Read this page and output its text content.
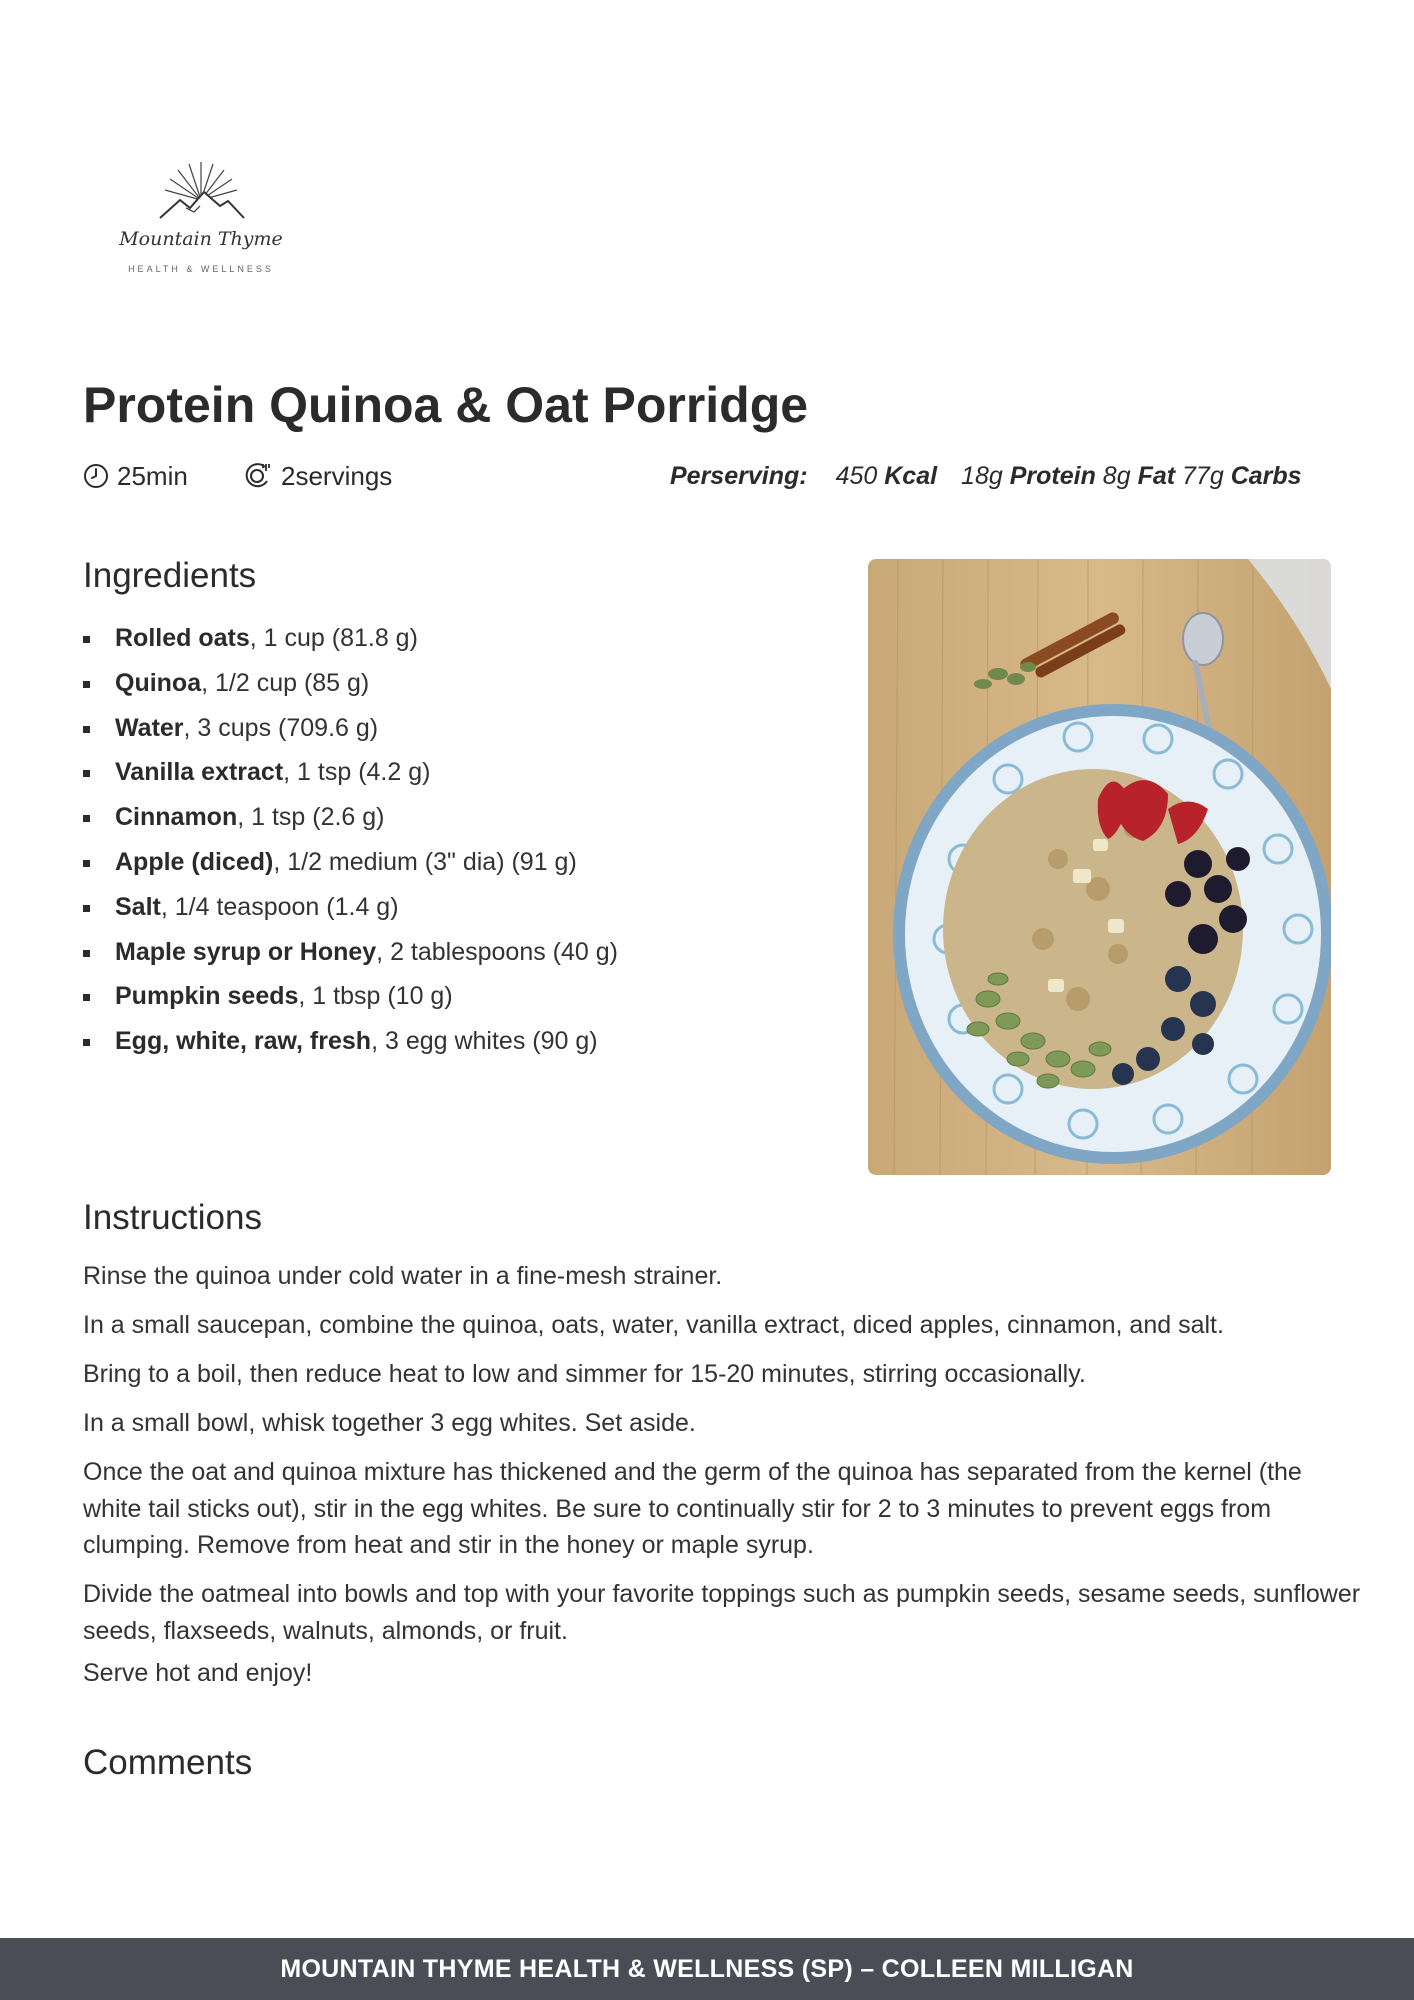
Mountain Thyme
HEALTH & WELLNESS
Protein Quinoa & Oat Porridge
25min	2servings	Perserving: 450
Kcal 18g
Protein
8g
Fat
77g
Carbs
Ingredients
Rolled oats, 1 cup (81.8 g)
Quinoa, 1/2 cup (85 g)
Water, 3 cups (709.6 g)
Vanilla extract, 1 tsp (4.2 g)
Cinnamon, 1 tsp (2.6 g)
Apple (diced), 1/2 medium (3" dia) (91 g)
Salt, 1/4 teaspoon (1.4 g)
Maple syrup or Honey, 2 tablespoons (40 g)
Pumpkin seeds, 1 tbsp (10 g)
Egg, white, raw, fresh, 3 egg whites (90 g)
Instructions

Rinse the quinoa under cold water in a fine-mesh strainer.

In a small saucepan, combine the quinoa, oats, water, vanilla extract, diced apples, cinnamon, and salt.

Bring to a boil, then reduce heat to low and simmer for 15-20 minutes, stirring occasionally.

In a small bowl, whisk together 3 egg whites. Set aside.

Once the oat and quinoa mixture has thickened and the germ of the quinoa has separated from the kernel (the white tail sticks out), stir in the egg whites. Be sure to continually stir for 2 to 3 minutes to prevent eggs from clumping. Remove from heat and stir in the honey or maple syrup.

Divide the oatmeal into bowls and top with your favorite toppings such as pumpkin seeds, sesame seeds, sunflower seeds, flaxseeds, walnuts, almonds, or fruit.

Serve hot and enjoy!

Comments
MOUNTAIN THYME HEALTH & WELLNESS (SP) – COLLEEN MILLIGAN
